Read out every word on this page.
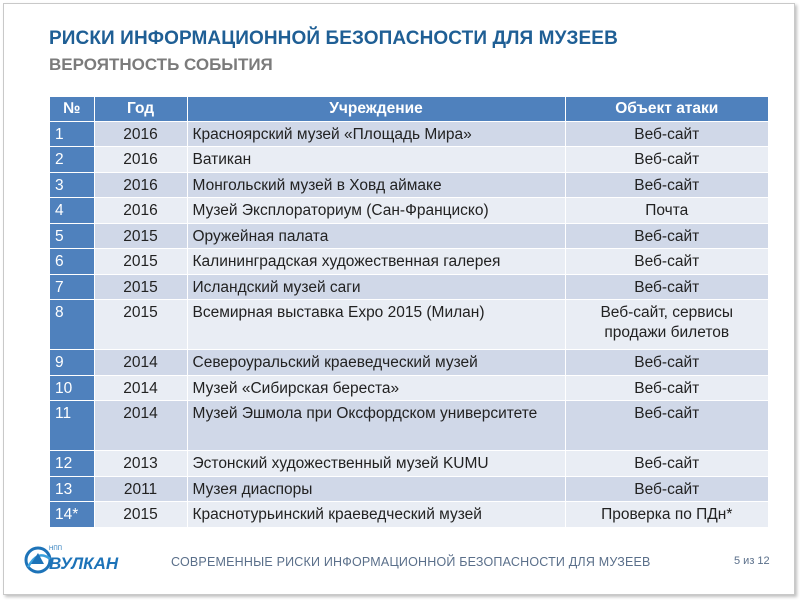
РИСКИ ИНФОРМАЦИОННОЙ БЕЗОПАСНОСТИ ДЛЯ МУЗЕЕВ
ВЕРОЯТНОСТЬ СОБЫТИЯ
№	Год	Учреждение	Объект атаки
1	2016	Красноярский музей «Площадь Мира»	Веб-сайт
2	2016	Ватикан	Веб-сайт
3	2016	Монгольский музей в Ховд аймаке	Веб-сайт
4	2016	Музей Эксплораториум (Сан-Франциско)	Почта
5	2015	Оружейная палата	Веб-сайт
6	2015	Калининградская художественная галерея	Веб-сайт
7	2015	Исландский музей саги	Веб-сайт
8	2015	Всемирная выставка Expo 2015 (Милан)	Веб-сайт, сервисы продажи билетов
9	2014	Североуральский краеведческий музей	Веб-сайт
10	2014	Музей «Сибирская береста»	Веб-сайт
11	2014	Музей Эшмола при Оксфордском университете	Веб-сайт
12	2013	Эстонский художественный музей KUMU	Веб-сайт
13	2011	Музея диаспоры	Веб-сайт
14*	2015	Краснотурьинский краеведческий музей	Проверка по ПДн*
НПП
ВУЛКАН	СОВРЕМЕННЫЕ РИСКИ ИНФОРМАЦИОННОЙ БЕЗОПАСНОСТИ ДЛЯ МУЗЕЕВ	5 из 12
